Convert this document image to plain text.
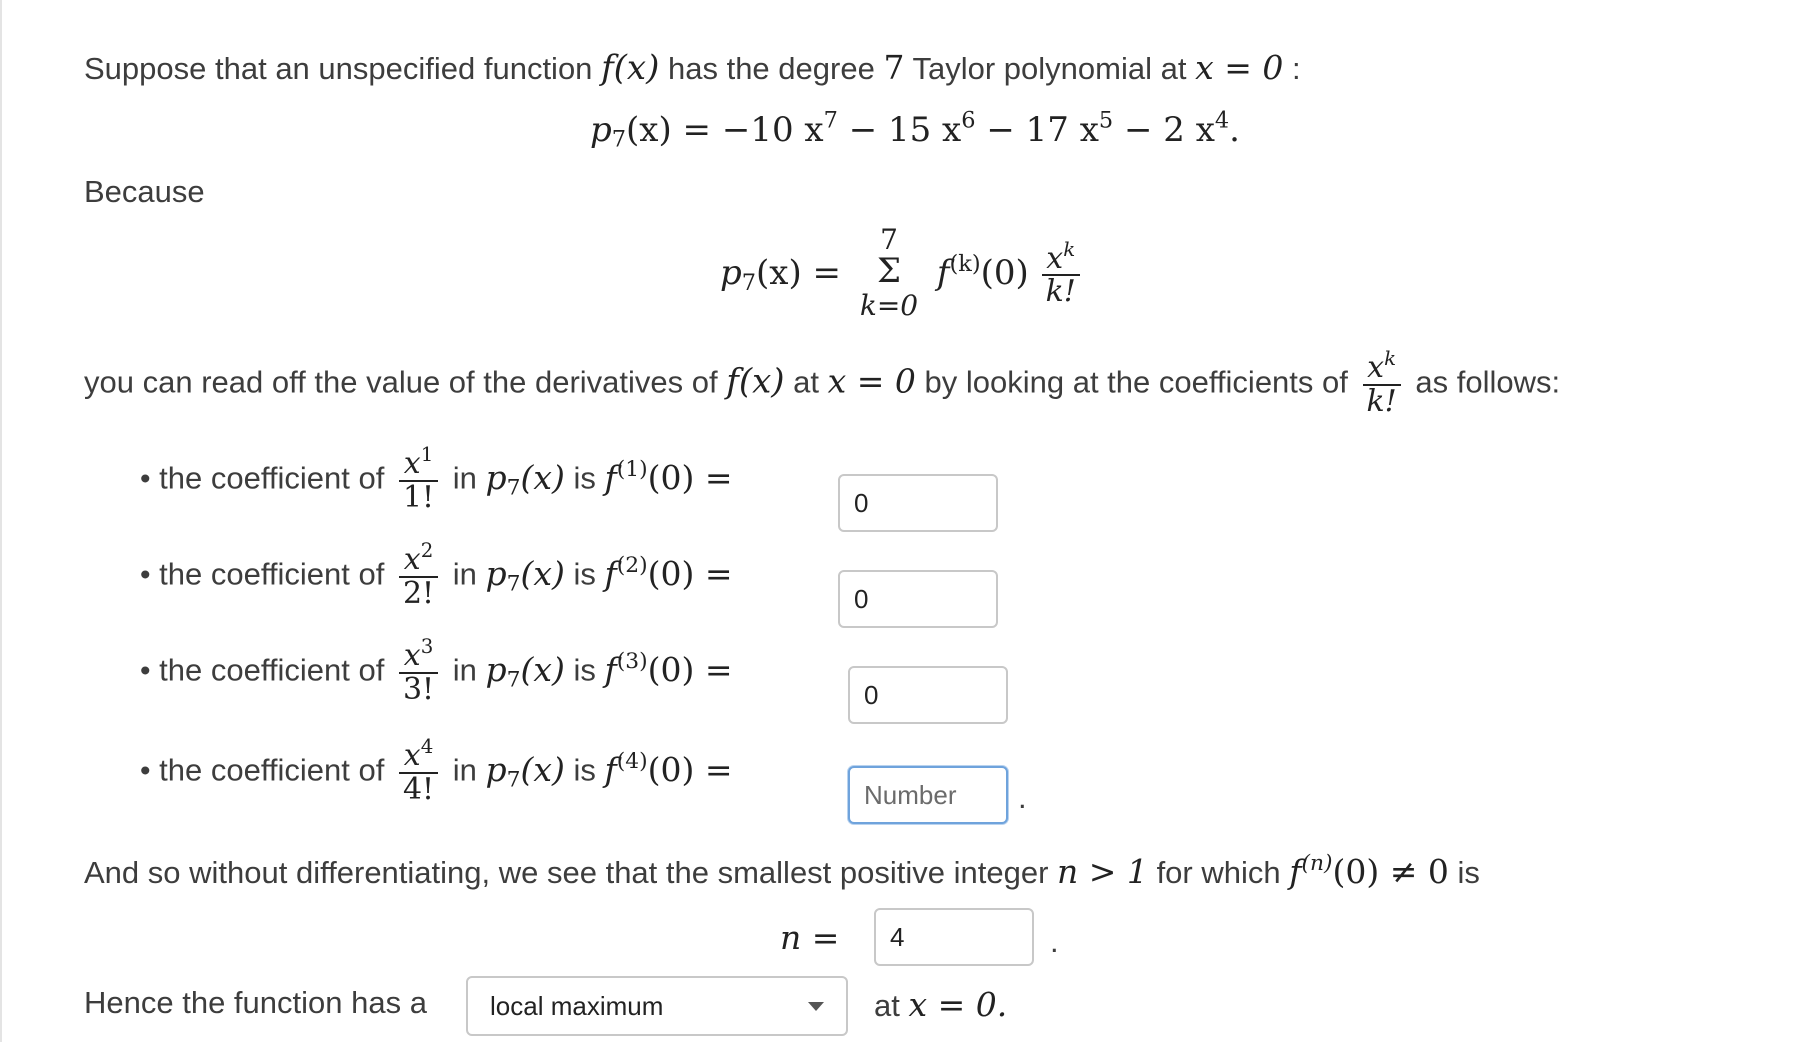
Suppose that an unspecified function f(x) has the degree 7 Taylor polynomial at x = 0 :
$p_7(x) = -10$ $x^7 - 15$ $x^6 - 17$ $x^5 - 2$ $x^4$.
Because
$p_7(x)$ =
7
Σ
k=0
$f^{(k)}(0) \frac{x^k}{k!}$
you can read off the value of the derivatives of f(x) at x = 0 by looking at the coefficients of $\frac{x^k}{k!}$ as follows:
• the coefficient of $\frac{x^1}{1!}$ in $p_7(x)$ is $f^{(1)}(0)$ =
0
• the coefficient of $\frac{x^2}{2!}$ in $p_7(x)$ is $f^{(2)}(0)$ =
0
• the coefficient of $\frac{x^3}{3!}$ in $p_7(x)$ is $f^{(3)}(0)$ =
0
• the coefficient of $\frac{x^4}{4!}$ in $p_7(x)$ is $f^{(4)}(0)$ =
Number
.
And so without differentiating, we see that the smallest positive integer n > 1 for which $f^{(n)}(0) \ne 0$ is
n =
4	.
Hence the function has a local maximum	at x = 0.
